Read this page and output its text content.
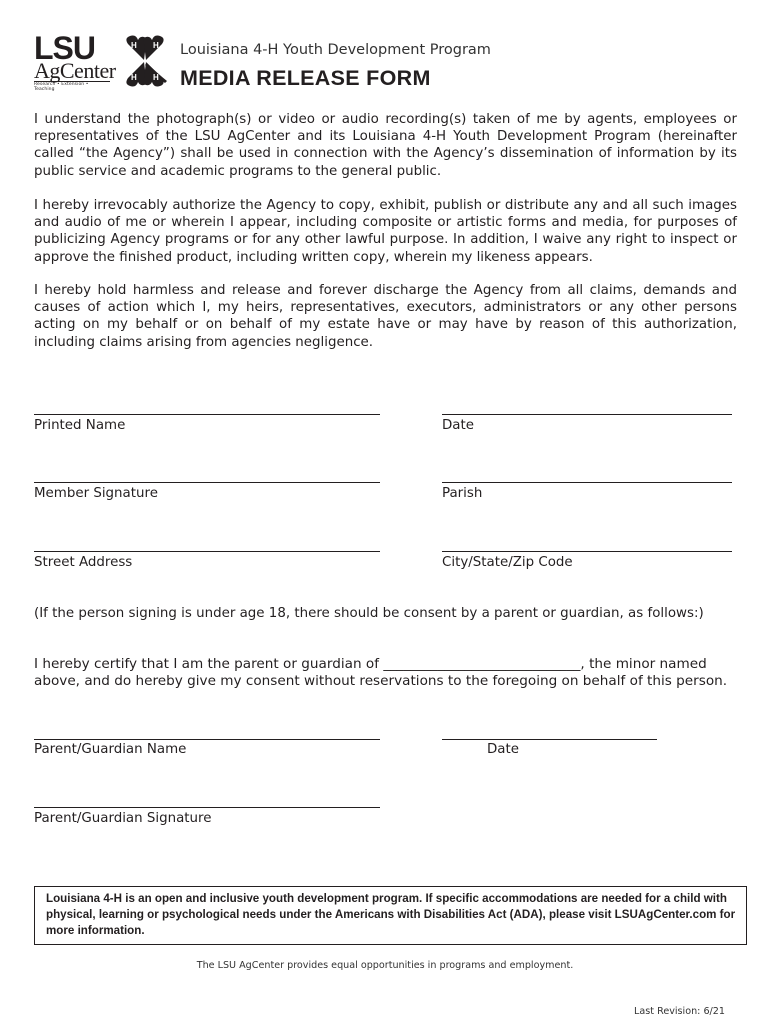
LSU
AgCenter
Research • Extension • Teaching
H H
H H
Louisiana 4-H Youth Development Program
MEDIA RELEASE FORM

I understand the photograph(s) or video or audio recording(s) taken of me by agents, employees or representatives of the LSU AgCenter and its Louisiana 4-H Youth Development Program (hereinafter called “the Agency”) shall be used in connection with the Agency’s dissemination of information by its public service and academic programs to the general public.

I hereby irrevocably authorize the Agency to copy, exhibit, publish or distribute any and all such images and audio of me or wherein I appear, including composite or artistic forms and media, for purposes of publicizing Agency programs or for any other lawful purpose. In addition, I waive any right to inspect or approve the finished product, including written copy, wherein my likeness appears.

I hereby hold harmless and release and forever discharge the Agency from all claims, demands and causes of action which I, my heirs, representatives, executors, administrators or any other persons acting on my behalf or on behalf of my estate have or may have by reason of this authorization, including claims arising from agencies negligence.

Printed Name	Date
Member Signature	Parish
Street Address	City/State/Zip Code
(If the person signing is under age 18, there should be consent by a parent or guardian, as follows:)

I hereby certify that I am the parent or guardian of _____________________________, the minor named above, and do hereby give my consent without reservations to the foregoing on behalf of this person.

Parent/Guardian Name	Date
Parent/Guardian Signature
Louisiana 4-H is an open and inclusive youth development program. If specific accommodations are needed for a child with physical, learning or psychological needs under the Americans with Disabilities Act (ADA), please visit LSUAgCenter.com for more information.
The LSU AgCenter provides equal opportunities in programs and employment.
Last Revision: 6/21
